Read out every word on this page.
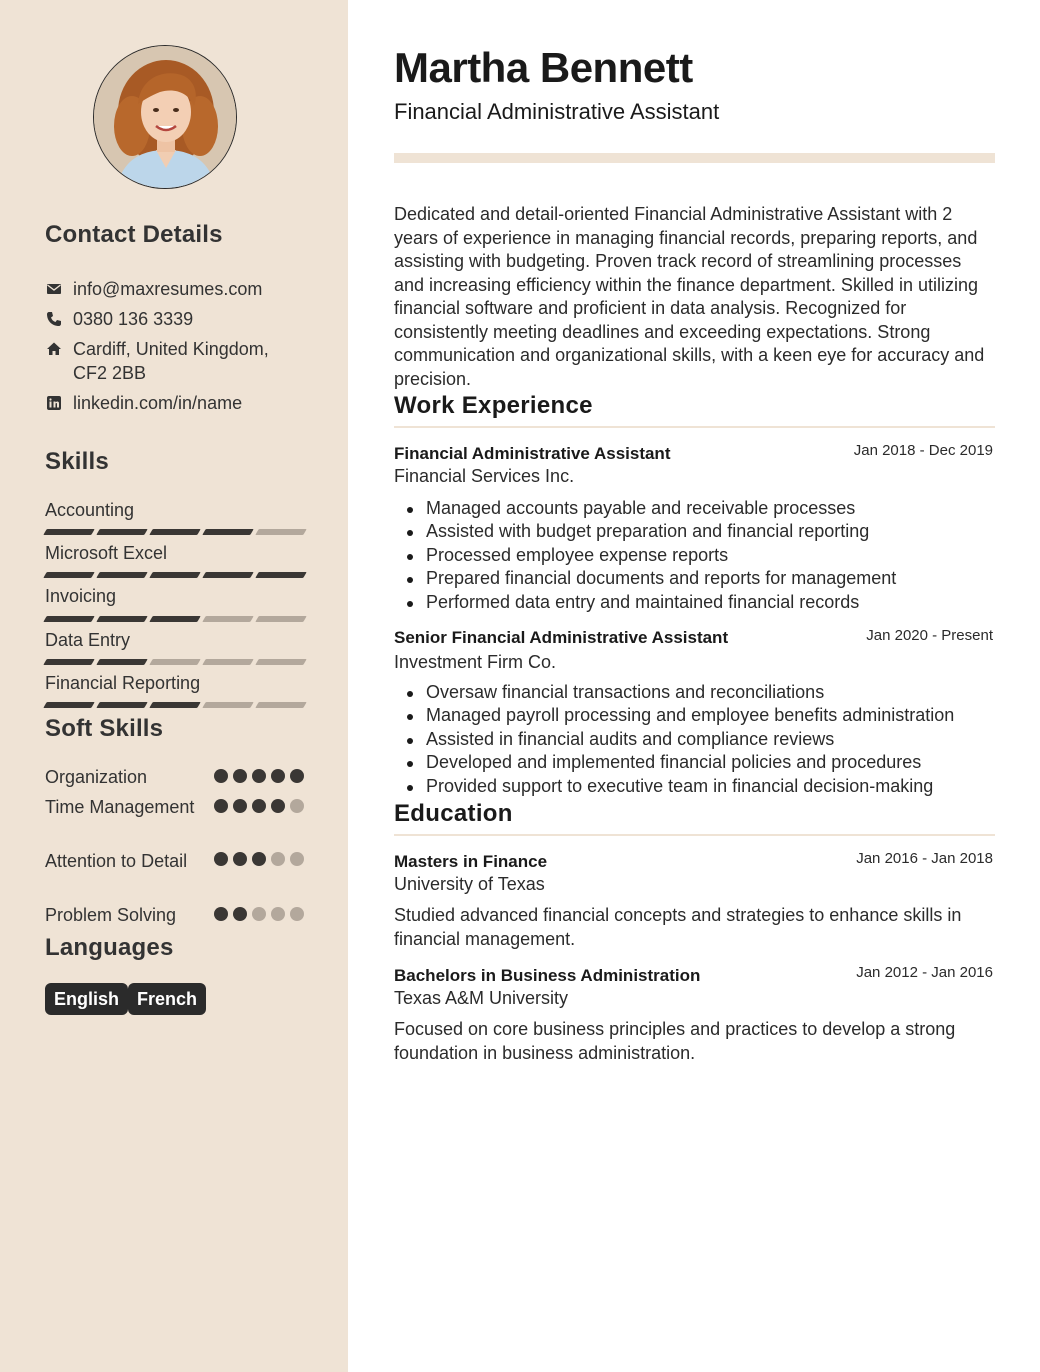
Contact Details
info@maxresumes.com
0380 136 3339
Cardiff, United Kingdom, CF2 2BB
linkedin.com/in/name
Skills
Accounting
Microsoft Excel
Invoicing
Data Entry
Financial Reporting
Soft Skills
Organization
Time Management
Attention to Detail
Problem Solving
Languages
English French
Martha Bennett
Financial Administrative Assistant
Dedicated and detail-oriented Financial Administrative Assistant with 2 years of experience in managing financial records, preparing reports, and assisting with budgeting. Proven track record of streamlining processes and increasing efficiency within the finance department. Skilled in utilizing financial software and proficient in data analysis. Recognized for consistently meeting deadlines and exceeding expectations. Strong communication and organizational skills, with a keen eye for accuracy and precision.
Work Experience
Financial Administrative Assistant	Jan 2018 - Dec 2019
Financial Services Inc.
Managed accounts payable and receivable processes
Assisted with budget preparation and financial reporting
Processed employee expense reports
Prepared financial documents and reports for management
Performed data entry and maintained financial records
Senior Financial Administrative Assistant	Jan 2020 - Present
Investment Firm Co.
Oversaw financial transactions and reconciliations
Managed payroll processing and employee benefits administration
Assisted in financial audits and compliance reviews
Developed and implemented financial policies and procedures
Provided support to executive team in financial decision-making
Education
Masters in Finance	Jan 2016 - Jan 2018
University of Texas
Studied advanced financial concepts and strategies to enhance skills in financial management.
Bachelors in Business Administration	Jan 2012 - Jan 2016
Texas A&M University
Focused on core business principles and practices to develop a strong foundation in business administration.
